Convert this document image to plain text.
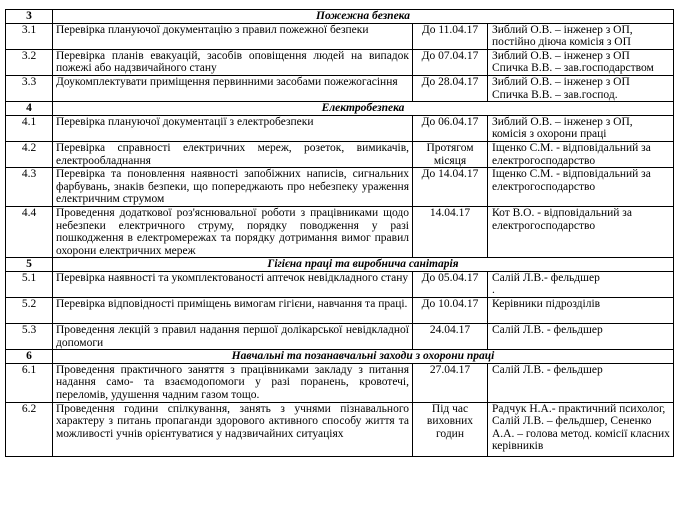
3	Пожежна безпека		
3.1	Перевірка плануючої документацію з правил пожежної безпеки	До 11.04.17	Зиблий О.В. – інженер з ОП,
постійно діюча комісія з ОП

3.2	Перевірка планів евакуацій, засобів оповіщення людей на випадок пожежі або надзвичайного стану	До 07.04.17	Зиблий О.В. – інженер з ОП
Спичка В.В. – зав.господарством

3.3	Доукомплектувати приміщення первинними засобами пожежогасіння	До 28.04.17	Зиблий О.В. – інженер з ОП
Спичка В.В. – зав.господ.

4	Електробезпека		
4.1	Перевірка плануючої документації з електробезпеки	До 06.04.17	Зиблий О.В. – інженер з ОП,
комісія з охорони праці

4.2	Перевірка справності електричних мереж, розеток, вимикачів, електрообладнання	Протягом місяця	Іщенко С.М. - відповідальний за електрогосподарство

4.3	Перевірка та поновлення наявності запобіжних написів, сигнальних фарбувань, знаків безпеки, що попереджають про небезпеку ураження електричним струмом	До 14.04.17	Іщенко С.М. - відповідальний за електрогосподарство

4.4	Проведення додаткової роз'яснювальної роботи з працівниками щодо небезпеки електричного струму, порядку поводження у разі пошкодження в електромережах та порядку дотримання вимог правил охорони електричних мереж	14.04.17	Кот В.О. - відповідальний за електрогосподарство

5	Гігієна праці та виробнича санітарія		
5.1	Перевірка наявності та укомплектованості аптечок невідкладного стану	До 05.04.17	Салій Л.В.- фельдшер
.

5.2	Перевірка відповідності приміщень вимогам гігієни, навчання та праці.	До 10.04.17	Керівники підрозділів

5.3	Проведення лекцій з правил надання першої долікарської невідкладної допомоги	24.04.17	Салій Л.В. - фельдшер

6	Навчальні та позанавчальні заходи з охорони праці		
6.1	Проведення практичного заняття з працівниками закладу з питання надання само- та взаємодопомоги у разі поранень, кровотечі, переломів, удушення чадним газом тощо.	27.04.17	Салій Л.В. - фельдшер

6.2	Проведення години спілкування, занять з учнями пізнавального характеру з питань пропаганди здорового активного способу життя та можливості учнів орієнтуватися у надзвичайних ситуаціях	Під час виховних годин	Радчук Н.А.- практичний психолог,
Салій Л.В. – фельдшер, Сененко А.А. – голова метод. комісії класних керівників
